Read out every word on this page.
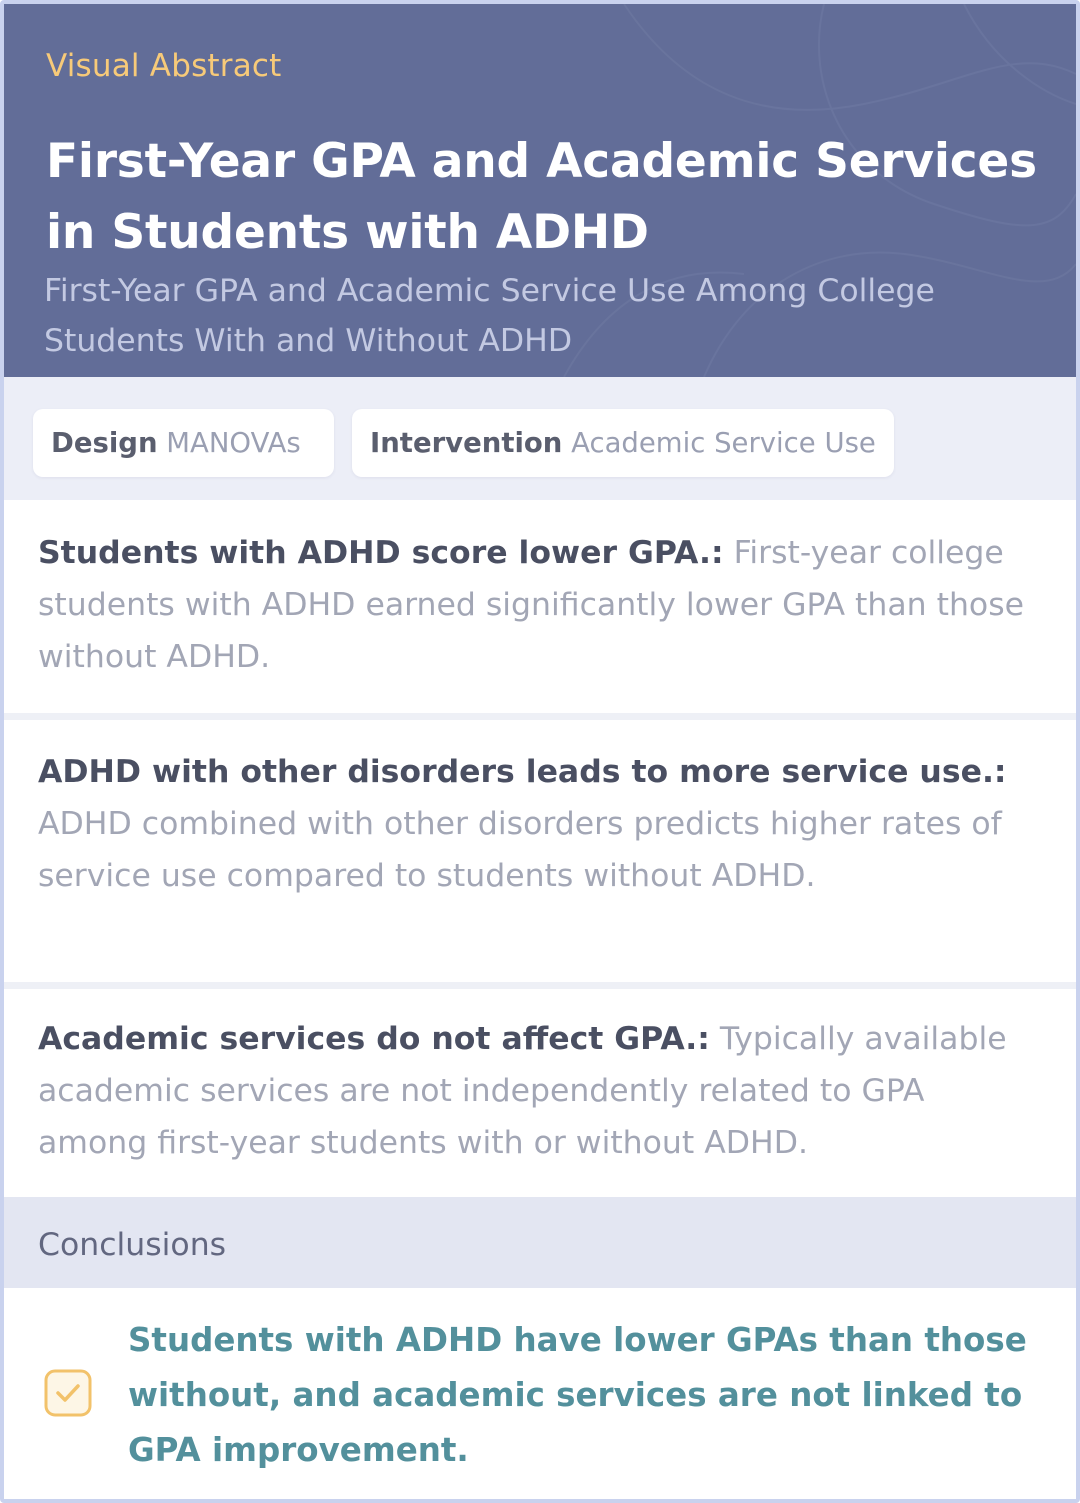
Visual Abstract
First-Year GPA and Academic Services in Students with ADHD
First-Year GPA and Academic Service Use Among College Students With and Without ADHD
Design MANOVAs	Intervention Academic Service Use

Students with ADHD score lower GPA.: First-year college students with ADHD earned significantly lower GPA than those without ADHD.

ADHD with other disorders leads to more service use.: ADHD combined with other disorders predicts higher rates of service use compared to students without ADHD.

Academic services do not affect GPA.: Typically available academic services are not independently related to GPA among first-year students with or without ADHD.

Conclusions
Students with ADHD have lower GPAs than those without, and academic services are not linked to GPA improvement.
